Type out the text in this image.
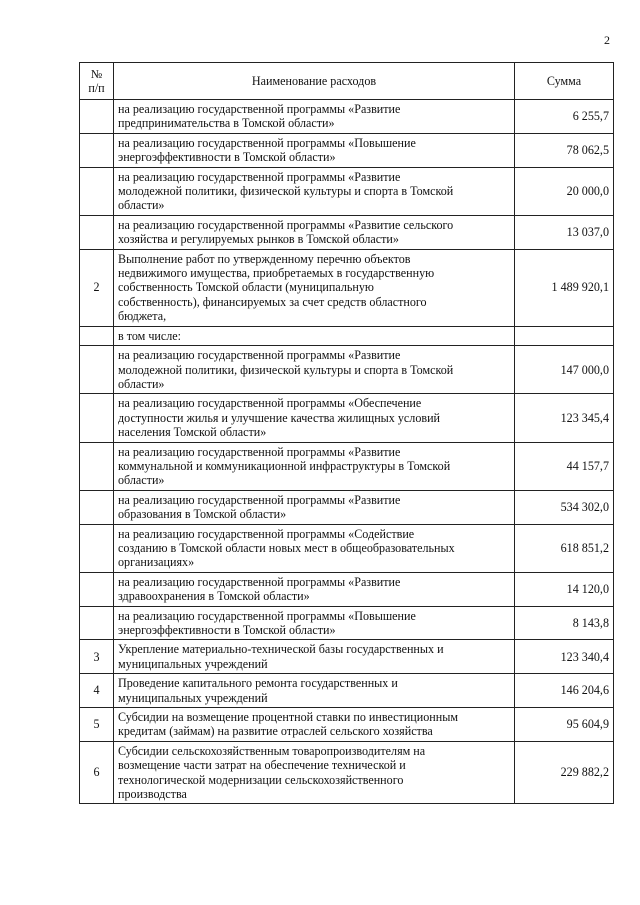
2
№
п/п	Наименование расходов	Сумма

	на реализацию государственной программы «Развитие
предпринимательства в Томской области»	6 255,7

	на реализацию государственной программы «Повышение
энергоэффективности в Томской области»	78 062,5

	на реализацию государственной программы «Развитие
молодежной политики, физической культуры и спорта в Томской
области»	20 000,0

	на реализацию государственной программы «Развитие сельского
хозяйства и регулируемых рынков в Томской области»	13 037,0
2	Выполнение работ по утвержденному перечню объектов
недвижимого имущества, приобретаемых в государственную
собственность Томской области (муниципальную
собственность), финансируемых за счет средств областного
бюджета,	1 489 920,1

	в том числе:	

	на реализацию государственной программы «Развитие
молодежной политики, физической культуры и спорта в Томской
области»	147 000,0

	на реализацию государственной программы «Обеспечение
доступности жилья и улучшение качества жилищных условий
населения Томской области»	123 345,4

	на реализацию государственной программы «Развитие
коммунальной и коммуникационной инфраструктуры в Томской
области»	44 157,7

	на реализацию государственной программы «Развитие
образования в Томской области»	534 302,0

	на реализацию государственной программы «Содействие
созданию в Томской области новых мест в общеобразовательных
организациях»	618 851,2

	на реализацию государственной программы «Развитие
здравоохранения в Томской области»	14 120,0

	на реализацию государственной программы «Повышение
энергоэффективности в Томской области»	8 143,8
3	Укрепление материально-технической базы государственных и
муниципальных учреждений	123 340,4
4	Проведение капитального ремонта государственных и
муниципальных учреждений	146 204,6
5	Субсидии на возмещение процентной ставки по инвестиционным
кредитам (займам) на развитие отраслей сельского хозяйства	95 604,9
6	Субсидии сельскохозяйственным товаропроизводителям на
возмещение части затрат на обеспечение технической и
технологической модернизации сельскохозяйственного
производства	229 882,2
